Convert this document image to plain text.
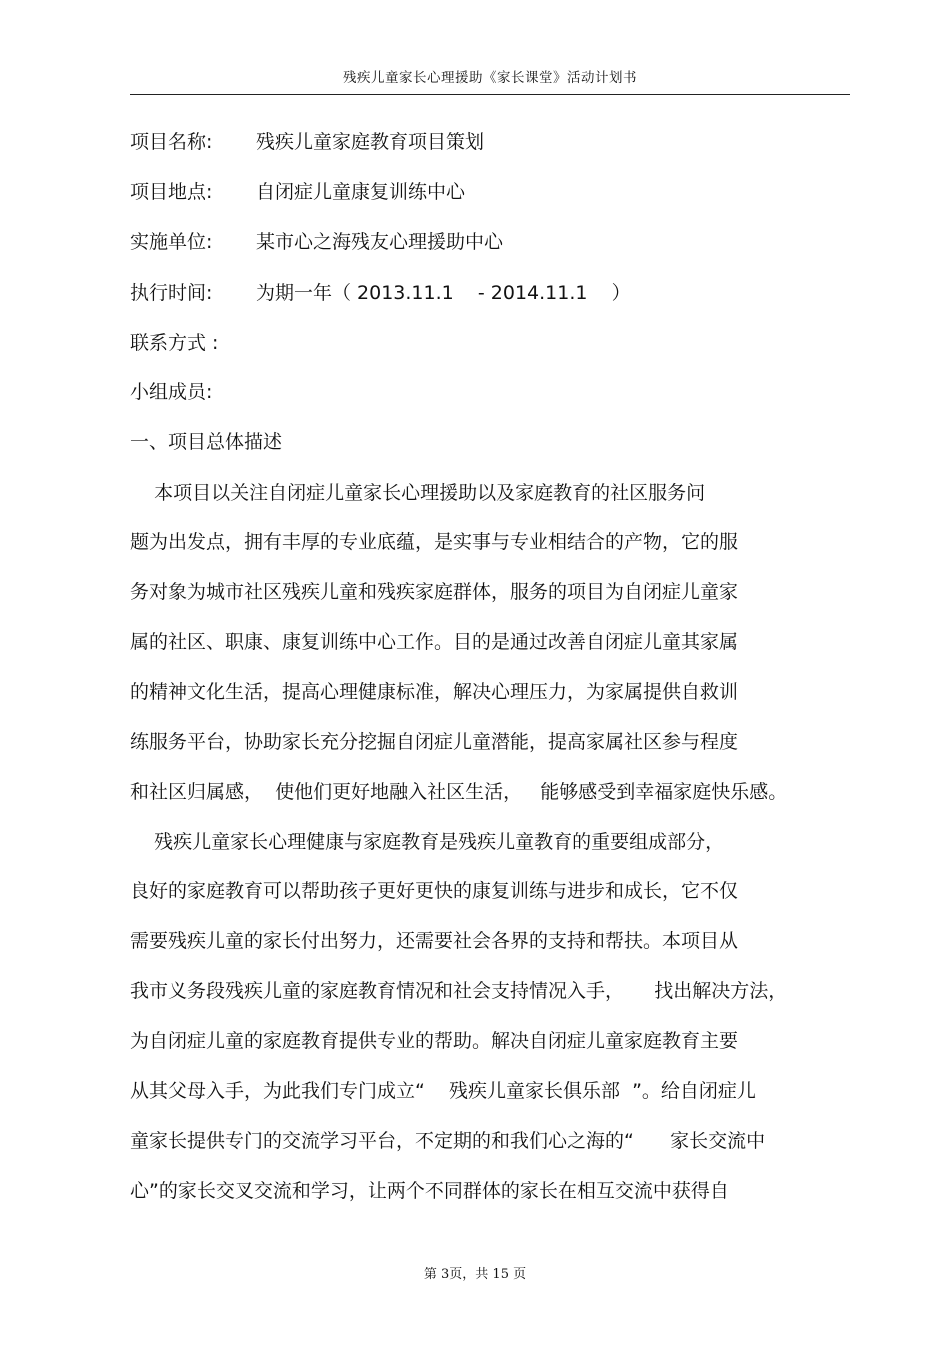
残疾儿童家长心理援助《家长课堂》活动计划书
项目名称: 残疾儿童家庭教育项目策划
项目地点: 自闭症儿童康复训练中心
实施单位: 某市心之海残友心理援助中心
执行时间: 为期一年（ 2013.11.1    - 2014.11.1    ）
联系方式 :
小组成员:
一、项目总体描述
本项目以关注自闭症儿童家长心理援助以及家庭教育的社区服务问
题为出发点，拥有丰厚的专业底蕴，是实事与专业相结合的产物，它的服
务对象为城市社区残疾儿童和残疾家庭群体，服务的项目为自闭症儿童家
属的社区、职康、康复训练中心工作。目的是通过改善自闭症儿童其家属
的精神文化生活，提高心理健康标准，解决心理压力，为家属提供自救训
练服务平台，协助家长充分挖掘自闭症儿童潜能，提高家属社区参与程度
和社区归属感，  使他们更好地融入社区生活，   能够感受到幸福家庭快乐感。
残疾儿童家长心理健康与家庭教育是残疾儿童教育的重要组成部分，
良好的家庭教育可以帮助孩子更好更快的康复训练与进步和成长，它不仅
需要残疾儿童的家长付出努力，还需要社会各界的支持和帮扶。本项目从
我市义务段残疾儿童的家庭教育情况和社会支持情况入手，     找出解决方法，
为自闭症儿童的家庭教育提供专业的帮助。解决自闭症儿童家庭教育主要
从其父母入手，为此我们专门成立“    残疾儿童家长俱乐部  ”。给自闭症儿
童家长提供专门的交流学习平台，不定期的和我们心之海的“      家长交流中
心”的家长交叉交流和学习，让两个不同群体的家长在相互交流中获得自
第 3页，共 15 页
